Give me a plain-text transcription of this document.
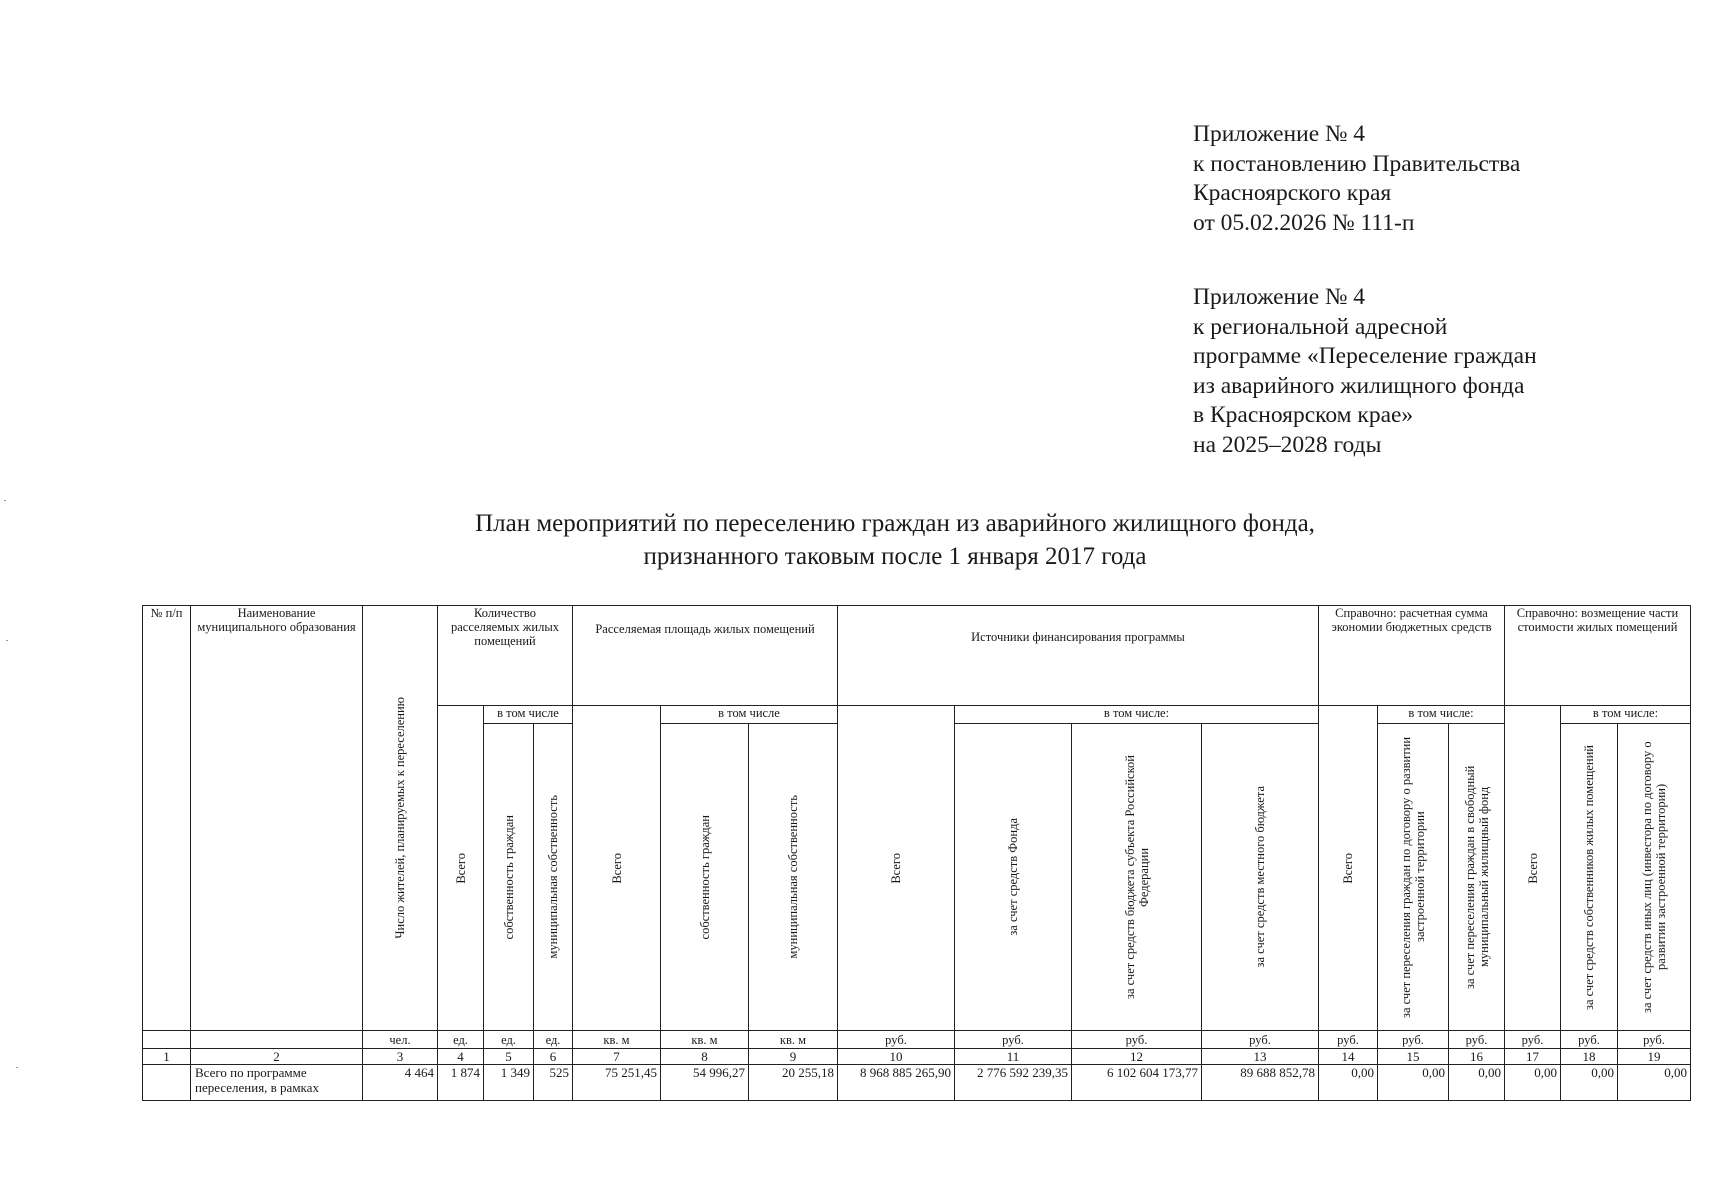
Приложение № 4
к постановлению Правительства
Красноярского края
от 05.02.2026 № 111-п
Приложение № 4
к региональной адресной
программе «Переселение граждан
из аварийного жилищного фонда
в Красноярском крае»
на 2025–2028 годы
План мероприятий по переселению граждан из аварийного жилищного фонда,
признанного таковым после 1 января 2017 года
№ п/п	Наименование муниципального образования	Число жителей, планируемых к переселению	Количество расселяемых жилых помещений			Расселяемая площадь жилых помещений			Источники финансирования программы				Справочно: расчетная сумма экономии бюджетных средств			Справочно: возмещение части стоимости жилых помещений		

			Всего	в том числе		Всего	в том числе		Всего	в том числе:			Всего	в том числе:		Всего	в том числе:	

				собственность граждан	муниципальная собственность		собственность граждан	муниципальная собственность		за счет средств Фонда	за счет средств бюджета субъекта Российской Федерации	за счет средств местного бюджета		за счет переселения граждан по договору о развитии застроенной территории	за счет переселения граждан в свободный муниципальный жилищный фонд		за счет средств собственников жилых помещений	за счет средств иных лиц (инвестора по договору о развитии застроенной территории)

		чел.	ед.	ед.	ед.	кв. м	кв. м	кв. м	руб.	руб.	руб.	руб.	руб.	руб.	руб.	руб.	руб.	руб.
1	2	3	4	5	6	7	8	9	10	11	12	13	14	15	16	17	18	19
	Всего по программе переселения, в рамках	4 464	1 874	1 349	525	75 251,45	54 996,27	20 255,18	8 968 885 265,90	2 776 592 239,35	6 102 604 173,77	89 688 852,78	0,00	0,00	0,00	0,00	0,00	0,00
